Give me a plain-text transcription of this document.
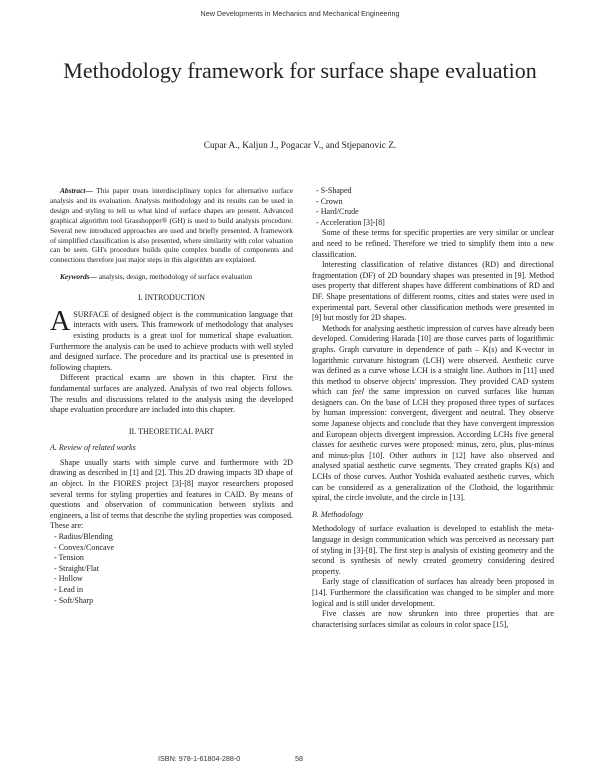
New Developments in Mechanics and Mechanical Engineering
Methodology framework for surface shape evaluation
Cupar A., Kaljun J., Pogacar V., and Stjepanovic Z.

Abstract— This paper treats interdisciplinary topics for alternative surface analysis and its evaluation. Analysis methodology and its results can be used in design and styling to tell us what kind of surface shapes are present. Advanced graphical algorithm tool Grasshopper® (GH) is used to build analysis procedure. Several new introduced approaches are used and briefly presented. A framework of simplified classification is also presented, where similarity with color valuation can be seen. GH's procedure builds quite complex bundle of components and connections therefore just major steps in this algorithm are explained.

Keywords— analysis, design, methodology of surface evaluation

I. INTRODUCTION

ASURFACE of designed object is the communication language that interacts with users. This framework of methodology that analyses existing products is a great tool for numerical shape evaluation. Furthermore the analysis can be used to achieve products with well styled and designed surface. The procedure and its practical use is presented in following chapters.

Different practical exams are shown in this chapter. First the fundamental surfaces are analyzed. Analysis of two real objects follows. The results and discussions related to the analysis using the developed shape evaluation procedure are included into this chapter.

II. THEORETICAL PART
A. Review of related works

Shape usually starts with simple curve and furthermore with 2D drawing as described in [1] and [2]. This 2D drawing impacts 3D shape of an object. In the FIORES project [3]-[8] mayor researchers proposed several terms for styling properties and features in CAID. By means of questions and observation of communication between stylists and engineers, a list of terms that describe the styling properties was composed. These are:

- Radius/Blending
- Convex/Concave
- Tension
- Straight/Flat
- Hollow
- Lead in
- Soft/Sharp
- S-Shaped
- Crown
- Hard/Crude
- Acceleration [3]-[8]

Some of these terms for specific properties are very similar or unclear and need to be refined. Therefore we tried to simplify them into a new classification.

Interesting classification of relative distances (RD) and directional fragmentation (DF) of 2D boundary shapes was presented in [9]. Method uses property that different shapes have different combinations of RD and DF. Shape presentations of different rooms, cities and states were used in experimental part. Several other classification methods were presented in [9] but mostly for 2D shapes.

Methods for analysing aesthetic impression of curves have already been developed. Considering Harada [10] are those curves parts of logarithmic graphs. Graph curvature in dependence of path – K(s) and K-vector in logarithmic curvature histogram (LCH) were observed. Aesthetic curve was defined as a curve whose LCH is a straight line. Authors in [11] used this method to observe objects' impression. They provided CAD system which can feel the same impression on curved surfaces like human designers can. On the base of LCH they proposed three types of surfaces by human impression: convergent, divergent and neutral. They observe some Japanese objects and conclude that they have convergent impression and European objects divergent impression. According LCHs five general classes for aesthetic curves were proposed: minus, zero, plus, plus-minus and minus-plus [10]. Other authors in [12] have also observed and analysed spatial aesthetic curve segments. They created graphs K(s) and LCHs of those curves. Author Yoshida evaluated aesthetic curves, which can be considered as a generalization of the Clothoid, the logarithmic spiral, the circle involute, and the circle in [13].

B. Methodology

Methodology of surface evaluation is developed to establish the meta-language in design communication which was perceived as necessary part of styling in [3]-[8]. The first step is analysis of existing geometry and the second is synthesis of newly created geometry considering desired property.

Early stage of classification of surfaces has already been proposed in [14]. Furthermore the classification was changed to be simpler and more logical and is still under development.

Five classes are now shrunken into three properties that are characterising surfaces similar as colours in color space [15],

ISBN: 978-1-61804-288-0	58
